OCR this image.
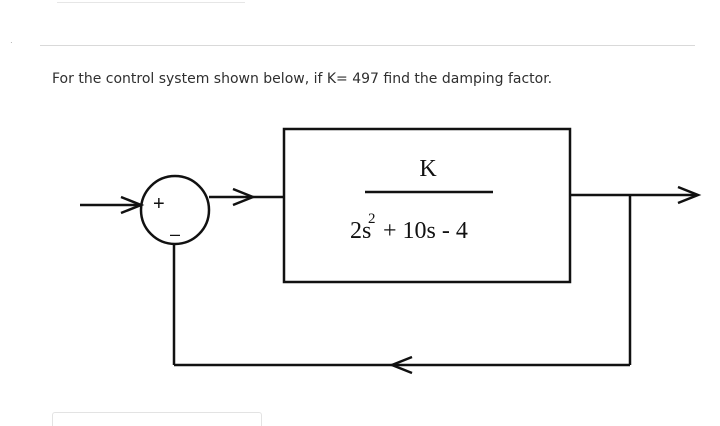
·

For the control system shown below, if K= 497 find the damping factor.

+
–
K
2s
2 + 10s - 4
